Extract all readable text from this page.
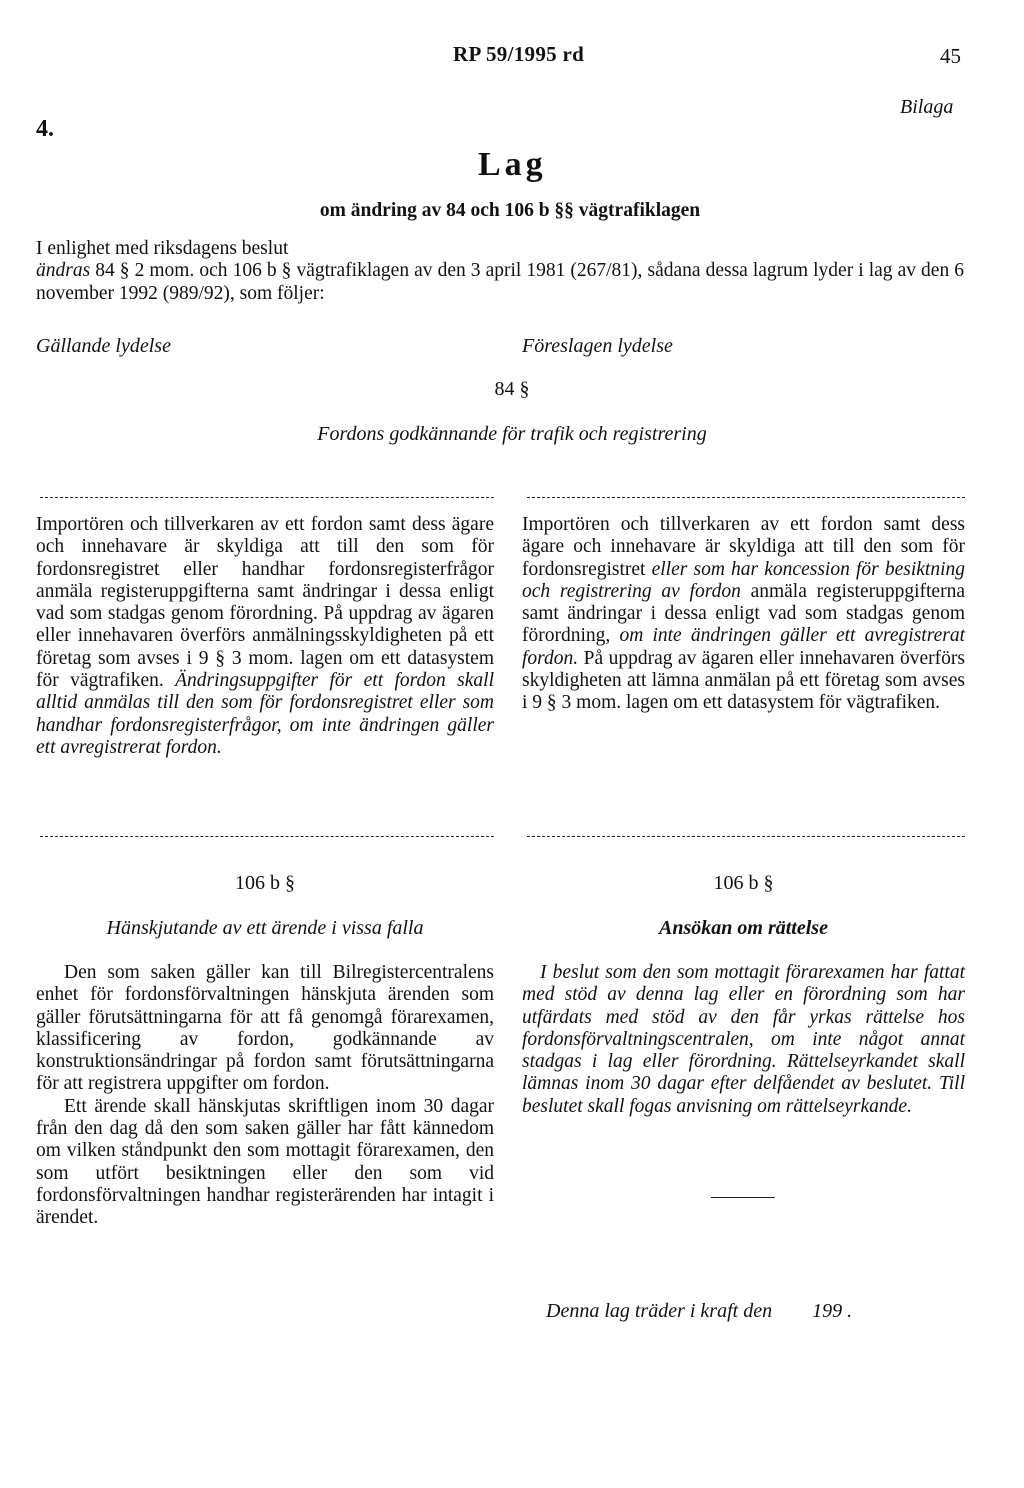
RP 59/1995 rd	45
Bilaga
4.
Lag
om ändring av 84 och 106 b §§ vägtrafiklagen

I enlighet med riksdagens beslut

ändras 84 § 2 mom. och 106 b § vägtrafiklagen av den 3 april 1981 (267/81), sådana dessa lagrum lyder i lag av den 6 november 1992 (989/92), som följer:

Gällande lydelse	Föreslagen lydelse
84 §
Fordons godkännande för trafik och registrering

Importören och tillverkaren av ett fordon samt dess ägare och innehavare är skyldiga att till den som för fordonsregistret eller handhar fordonsregisterfrågor anmäla registeruppgifterna samt ändringar i dessa enligt vad som stadgas genom förordning. På uppdrag av ägaren eller innehavaren överförs anmälningsskyldigheten på ett företag som avses i 9 § 3 mom. lagen om ett datasystem för vägtrafiken. Ändringsuppgifter för ett fordon skall alltid anmälas till den som för fordonsregistret eller som handhar fordonsregisterfrågor, om inte ändringen gäller ett avregistrerat fordon.

Importören och tillverkaren av ett fordon samt dess ägare och innehavare är skyldiga att till den som för fordonsregistret eller som har koncession för besiktning och registrering av fordon anmäla registeruppgifterna samt ändringar i dessa enligt vad som stadgas genom förordning, om inte ändringen gäller ett avregistrerat fordon. På uppdrag av ägaren eller innehavaren överförs skyldigheten att lämna anmälan på ett företag som avses i 9 § 3 mom. lagen om ett datasystem för vägtrafiken.

106 b §	106 b §
Hänskjutande av ett ärende i vissa falla	Ansökan om rättelse

Den som saken gäller kan till Bilregistercentralens enhet för fordonsförvaltningen hänskjuta ärenden som gäller förutsättningarna för att få genomgå förarexamen, klassificering av fordon, godkännande av konstruktionsändringar på fordon samt förutsättningarna för att registrera uppgifter om fordon.

Ett ärende skall hänskjutas skriftligen inom 30 dagar från den dag då den som saken gäller har fått kännedom om vilken ståndpunkt den som mottagit förarexamen, den som utfört besiktningen eller den som vid fordonsförvaltningen handhar registerärenden har intagit i ärendet.

I beslut som den som mottagit förarexamen har fattat med stöd av denna lag eller en förordning som har utfärdats med stöd av den får yrkas rättelse hos fordonsförvaltningscentralen, om inte något annat stadgas i lag eller förordning. Rättelseyrkandet skall lämnas inom 30 dagar efter delfåendet av beslutet. Till beslutet skall fogas anvisning om rättelseyrkande.

Denna lag träder i kraft den        199 .
